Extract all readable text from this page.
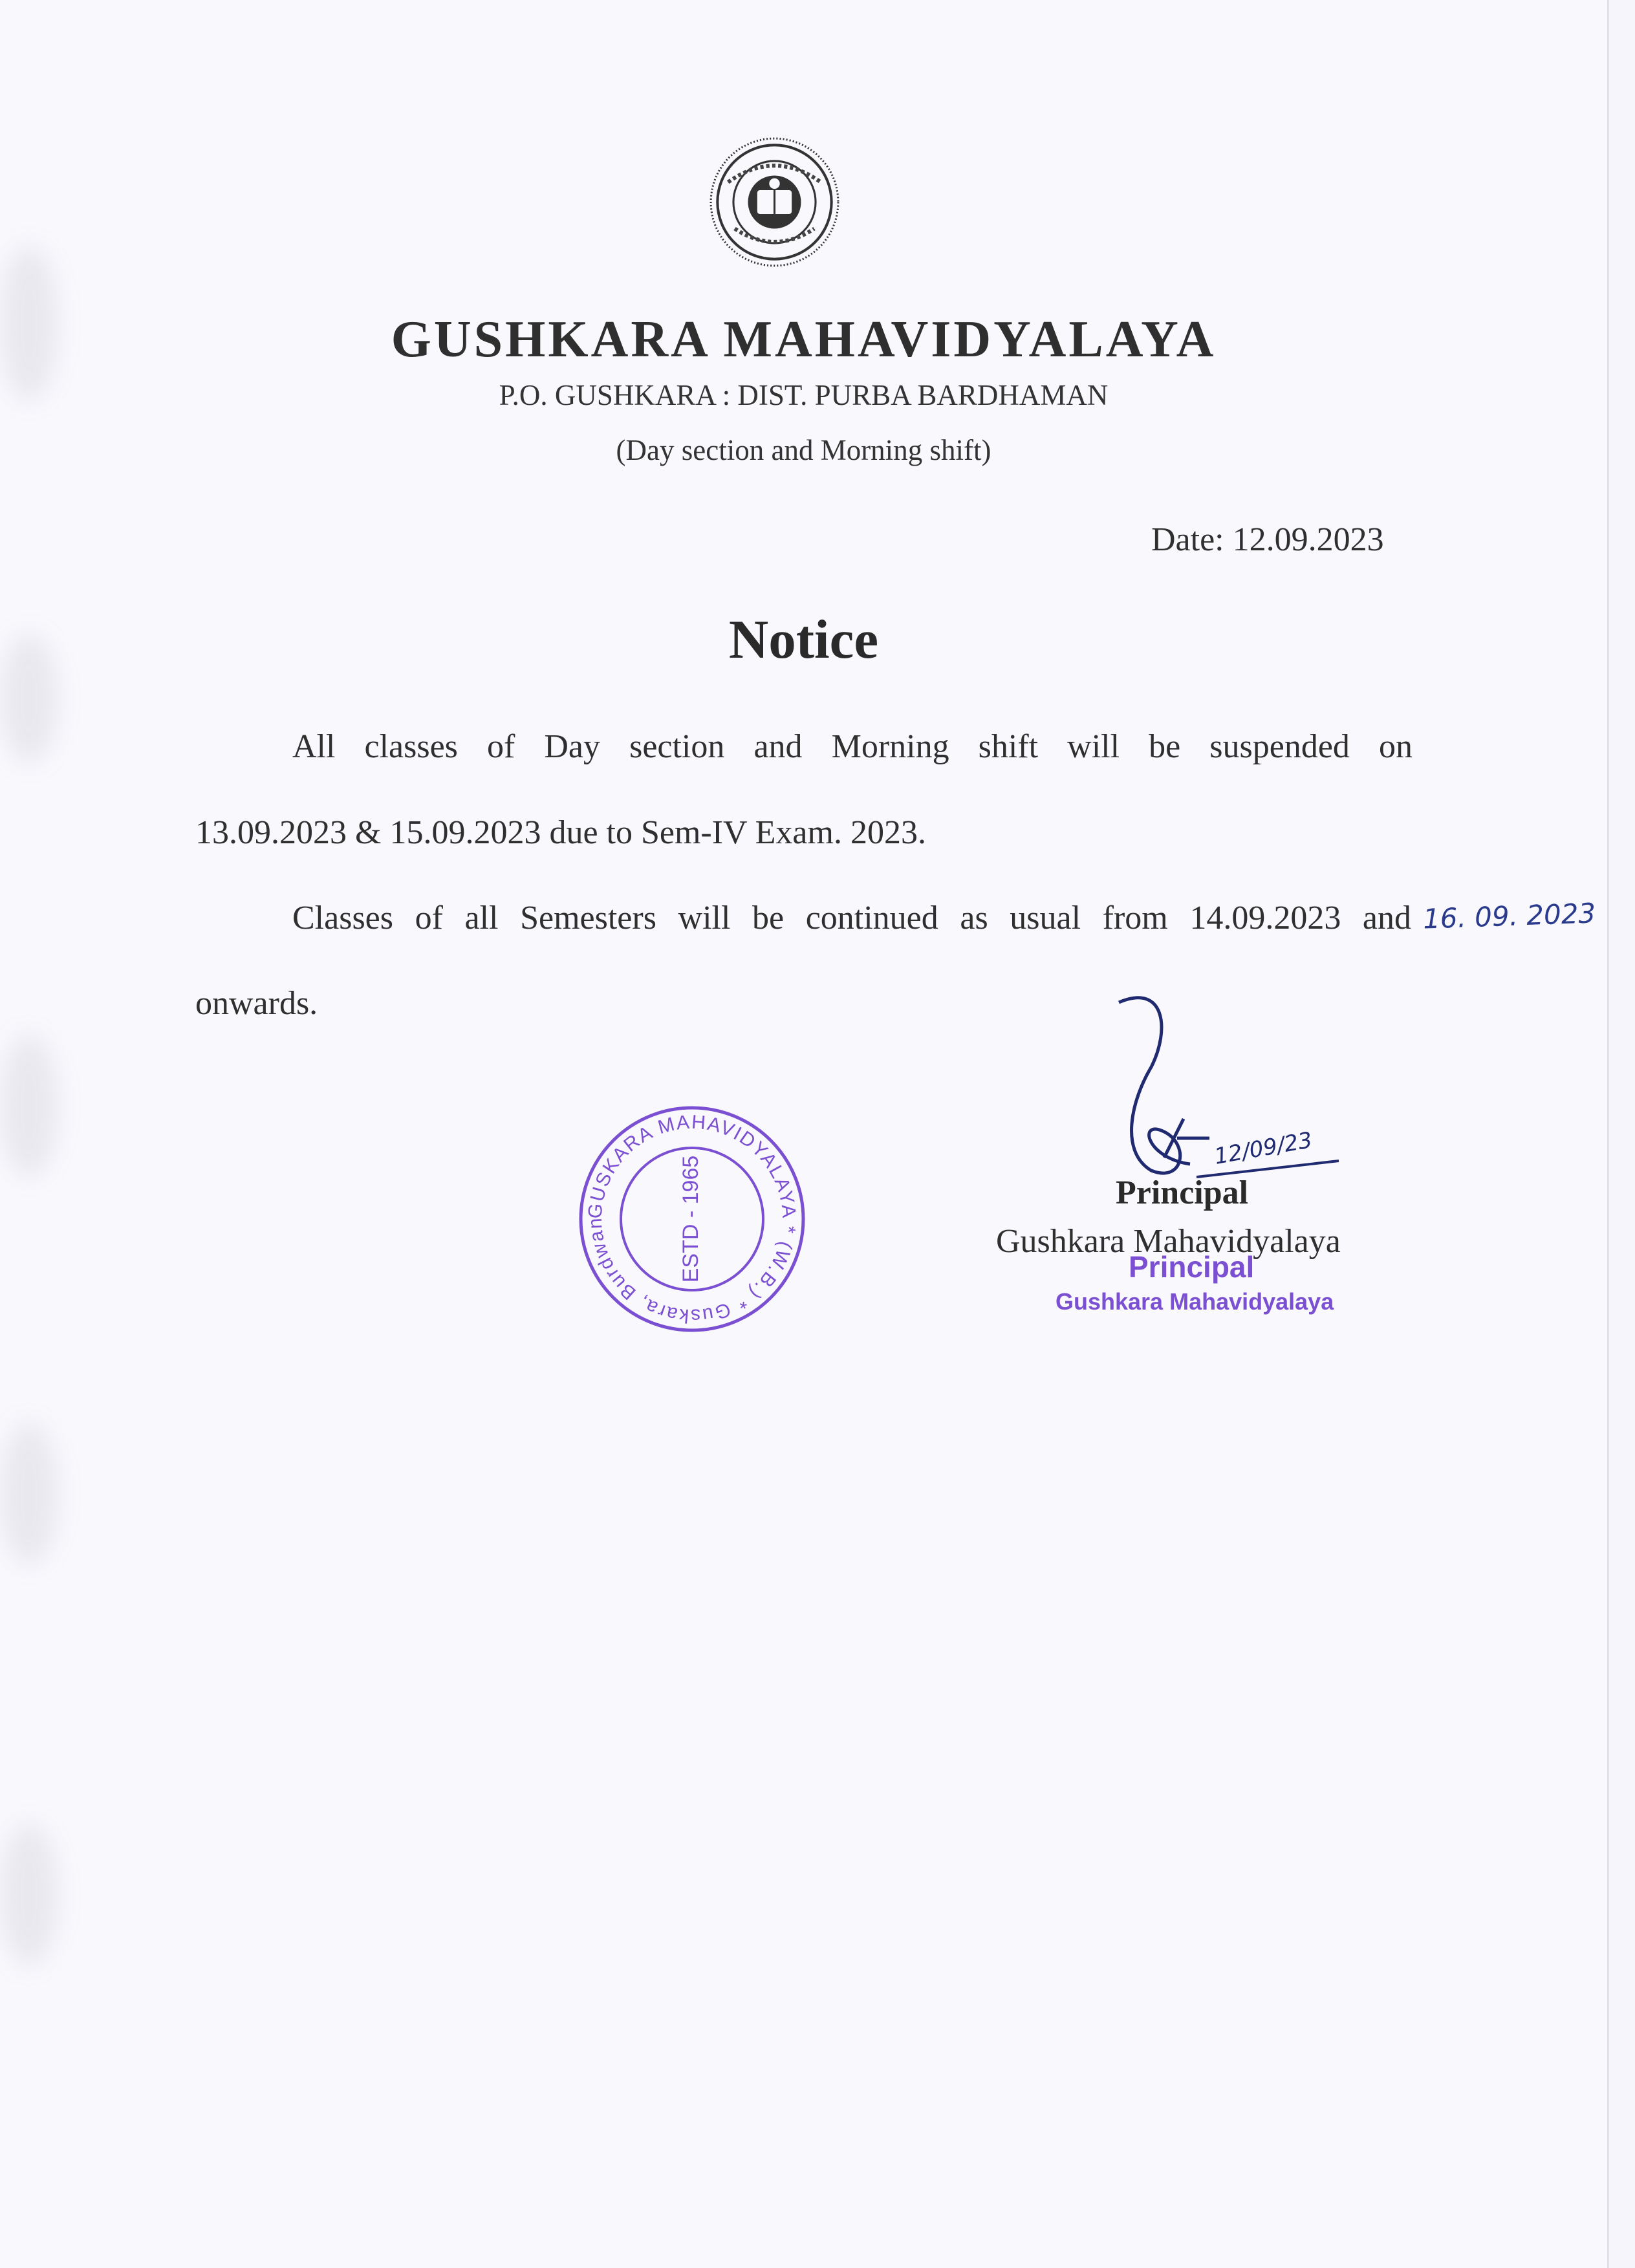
GUSHKARA MAHAVIDYALAYA
P.O. GUSHKARA : DIST. PURBA BARDHAMAN
(Day section and Morning shift)
Date: 12.09.2023
Notice
All classes of Day section and Morning shift will be suspended on
13.09.2023 & 15.09.2023 due to Sem-IV Exam. 2023.
Classes of all Semesters will be continued as usual from 14.09.2023 and 16. 09. 2023
onwards.
GUSKARA MAHAVIDYALAYA * (W.B.) * Guskara, Burdwan	ESTD - 1965
12/09/23
Principal
Gushkara Mahavidyalaya
Principal
Gushkara Mahavidyalaya
